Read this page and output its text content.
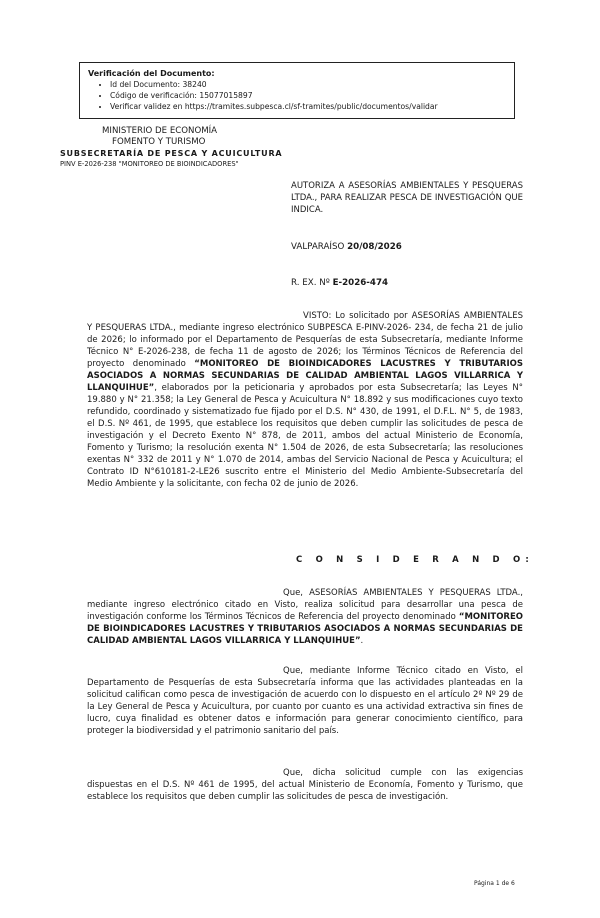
Verificación del Documento:
• Id del Documento: 38240
• Código de verificación: 15077015897
• Verificar validez en https://tramites.subpesca.cl/sf-tramites/public/documentos/validar
MINISTERIO DE ECONOMÍA
FOMENTO Y TURISMO
SUBSECRETARÍA DE PESCA Y ACUICULTURA
PINV E-2026-238 "MONITOREO DE BIOINDICADORES"
AUTORIZA A ASESORÍAS AMBIENTALES Y PESQUERAS LTDA., PARA REALIZAR PESCA DE INVESTIGACIÓN QUE INDICA.
VALPARAÍSO 20/08/2026
R. EX. Nº E-2026-474
VISTO: Lo solicitado por ASESORÍAS AMBIENTALES Y PESQUERAS LTDA., mediante ingreso electrónico SUBPESCA E-PINV-2026- 234, de fecha 21 de julio de 2026; lo informado por el Departamento de Pesquerías de esta Subsecretaría, mediante Informe Técnico N° E-2026-238, de fecha 11 de agosto de 2026; los Términos Técnicos de Referencia del proyecto denominado “MONITOREO DE BIOINDICADORES LACUSTRES Y TRIBUTARIOS ASOCIADOS A NORMAS SECUNDARIAS DE CALIDAD AMBIENTAL LAGOS VILLARRICA Y LLANQUIHUE”, elaborados por la peticionaria y aprobados por esta Subsecretaría; las Leyes N° 19.880 y N° 21.358; la Ley General de Pesca y Acuicultura N° 18.892 y sus modificaciones cuyo texto refundido, coordinado y sistematizado fue fijado por el D.S. N° 430, de 1991, el D.F.L. N° 5, de 1983, el D.S. Nº 461, de 1995, que establece los requisitos que deben cumplir las solicitudes de pesca de investigación y el Decreto Exento N° 878, de 2011, ambos del actual Ministerio de Economía, Fomento y Turismo; la resolución exenta N° 1.504 de 2026, de esta Subsecretaría; las resoluciones exentas N° 332 de 2011 y N° 1.070 de 2014, ambas del Servicio Nacional de Pesca y Acuicultura; el Contrato ID N°610181-2-LE26 suscrito entre el Ministerio del Medio Ambiente-Subsecretaría del Medio Ambiente y la solicitante, con fecha 02 de junio de 2026.
C O N S I D E R A N D O:
Que, ASESORÍAS AMBIENTALES Y PESQUERAS LTDA., mediante ingreso electrónico citado en Visto, realiza solicitud para desarrollar una pesca de investigación conforme los Términos Técnicos de Referencia del proyecto denominado “MONITOREO DE BIOINDICADORES LACUSTRES Y TRIBUTARIOS ASOCIADOS A NORMAS SECUNDARIAS DE CALIDAD AMBIENTAL LAGOS VILLARRICA Y LLANQUIHUE”.
Que, mediante Informe Técnico citado en Visto, el Departamento de Pesquerías de esta Subsecretaría informa que las actividades planteadas en la solicitud califican como pesca de investigación de acuerdo con lo dispuesto en el artículo 2º Nº 29 de la Ley General de Pesca y Acuicultura, por cuanto por cuanto es una actividad extractiva sin fines de lucro, cuya finalidad es obtener datos e información para generar conocimiento científico, para proteger la biodiversidad y el patrimonio sanitario del país.
Que, dicha solicitud cumple con las exigencias dispuestas en el D.S. Nº 461 de 1995, del actual Ministerio de Economía, Fomento y Turismo, que establece los requisitos que deben cumplir las solicitudes de pesca de investigación.
Página 1 de 6
